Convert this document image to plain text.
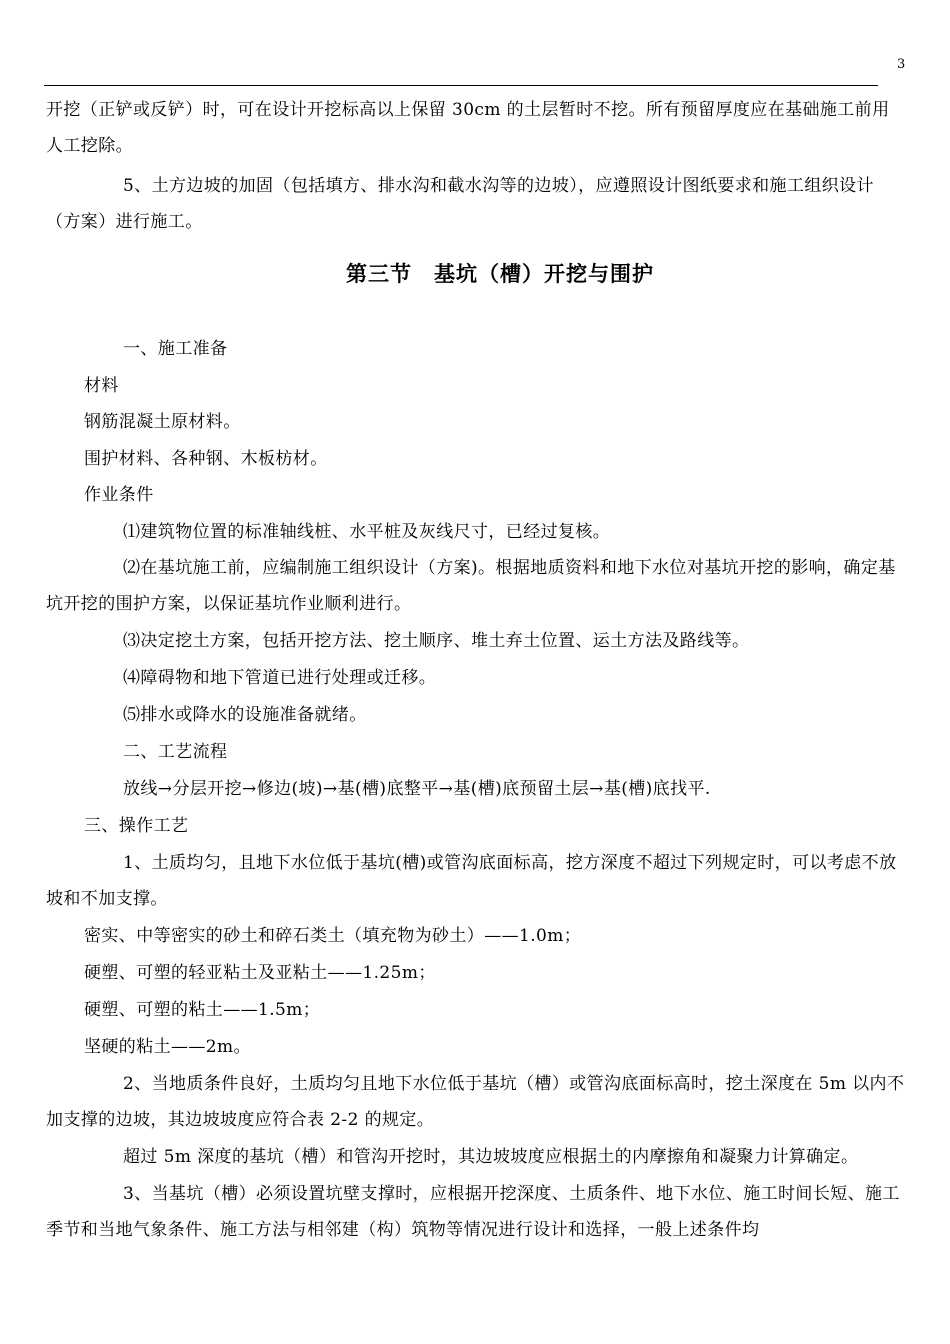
3

开挖（正铲或反铲）时，可在设计开挖标高以上保留 30cm 的土层暂时不挖。所有预留厚度应在基础施工前用人工挖除。

5、土方边坡的加固（包括填方、排水沟和截水沟等的边坡），应遵照设计图纸要求和施工组织设计（方案）进行施工。

第三节　基坑（槽）开挖与围护

一、施工准备

材料

钢筋混凝土原材料。

围护材料、各种钢、木板枋材。

作业条件

⑴建筑物位置的标准轴线桩、水平桩及灰线尺寸，已经过复核。

⑵在基坑施工前，应编制施工组织设计（方案)。根据地质资料和地下水位对基坑开挖的影响，确定基坑开挖的围护方案，以保证基坑作业顺利进行。

⑶决定挖土方案，包括开挖方法、挖土顺序、堆土弃土位置、运土方法及路线等。

⑷障碍物和地下管道已进行处理或迁移。

⑸排水或降水的设施准备就绪。

二、工艺流程

放线→分层开挖→修边(坡)→基(槽)底整平→基(槽)底预留土层→基(槽)底找平.

三、操作工艺

1、土质均匀，且地下水位低于基坑(槽)或管沟底面标高，挖方深度不超过下列规定时，可以考虑不放坡和不加支撑。

密实、中等密实的砂土和碎石类土（填充物为砂土）——1.0m；

硬塑、可塑的轻亚粘土及亚粘土——1.25m；

硬塑、可塑的粘土——1.5m；

坚硬的粘土——2m。

2、当地质条件良好，土质均匀且地下水位低于基坑（槽）或管沟底面标高时，挖土深度在 5m 以内不加支撑的边坡，其边坡坡度应符合表 2-2 的规定。

超过 5m 深度的基坑（槽）和管沟开挖时，其边坡坡度应根据土的内摩擦角和凝聚力计算确定。

3、当基坑（槽）必须设置坑壁支撑时，应根据开挖深度、土质条件、地下水位、施工时间长短、施工季节和当地气象条件、施工方法与相邻建（构）筑物等情况进行设计和选择，一般上述条件均
